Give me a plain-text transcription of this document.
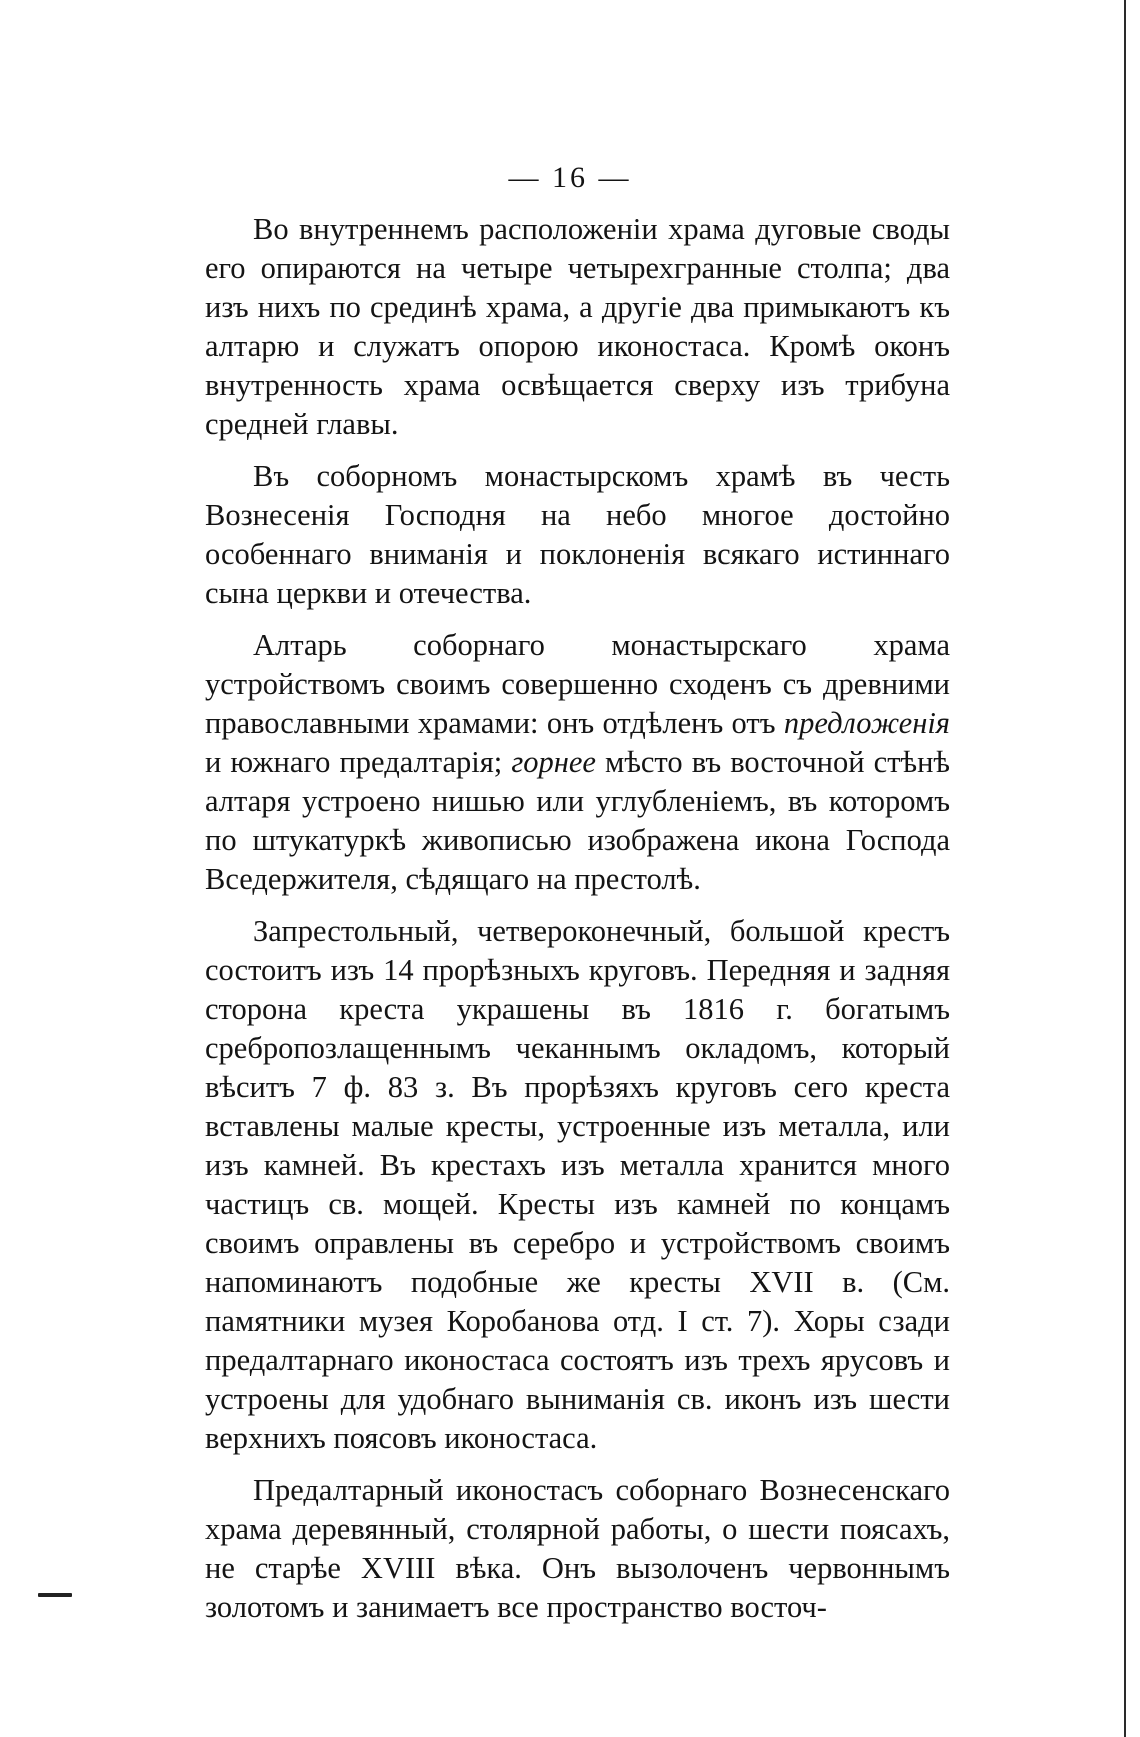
— 16 —

Во внутреннемъ расположенiи храма дуговые своды его опираются на четыре четырехгранные столпа; два изъ нихъ по срединѣ храма, а другiе два примыкаютъ къ алтарю и служатъ опорою иконостаса. Кромѣ оконъ внутренность храма освѣщается сверху изъ трибуна средней главы.

Въ соборномъ монастырскомъ храмѣ въ честь Вознесенiя Господня на небо многое достойно особеннаго вниманiя и поклоненiя всякаго истиннаго сына церкви и отечества.

Алтарь соборнаго монастырскаго храма устройствомъ своимъ совершенно сходенъ съ древними православными храмами: онъ отдѣленъ отъ предложенiя и южнаго предалтарiя; горнее мѣсто въ восточной стѣнѣ алтаря устроено нишью или углубленiемъ, въ которомъ по штукатуркѣ живописью изображена икона Господа Вседержителя, сѣдящаго на престолѣ.

Запрестольный, четвероконечный, большой крестъ состоитъ изъ 14 прорѣзныхъ круговъ. Передняя и задняя сторона креста украшены въ 1816 г. богатымъ сребропозлащеннымъ чеканнымъ окладомъ, который вѣситъ 7 ф. 83 з. Въ прорѣзяхъ круговъ сего креста вставлены малые кресты, устроенные изъ металла, или изъ камней. Въ крестахъ изъ металла хранится много частицъ св. мощей. Кресты изъ камней по концамъ своимъ оправлены въ серебро и устройствомъ своимъ напоминаютъ подобные же кресты XVII в. (См. памятники музея Коробанова отд. I ст. 7). Хоры сзади предалтарнаго иконостаса состоятъ изъ трехъ ярусовъ и устроены для удобнаго выниманiя св. иконъ изъ шести верхнихъ поясовъ иконостаса.

Предалтарный иконостасъ соборнаго Вознесенскаго храма деревянный, столярной работы, о шести поясахъ, не старѣе XVIII вѣка. Онъ вызолоченъ червоннымъ золотомъ и занимаетъ все пространство восточ-
